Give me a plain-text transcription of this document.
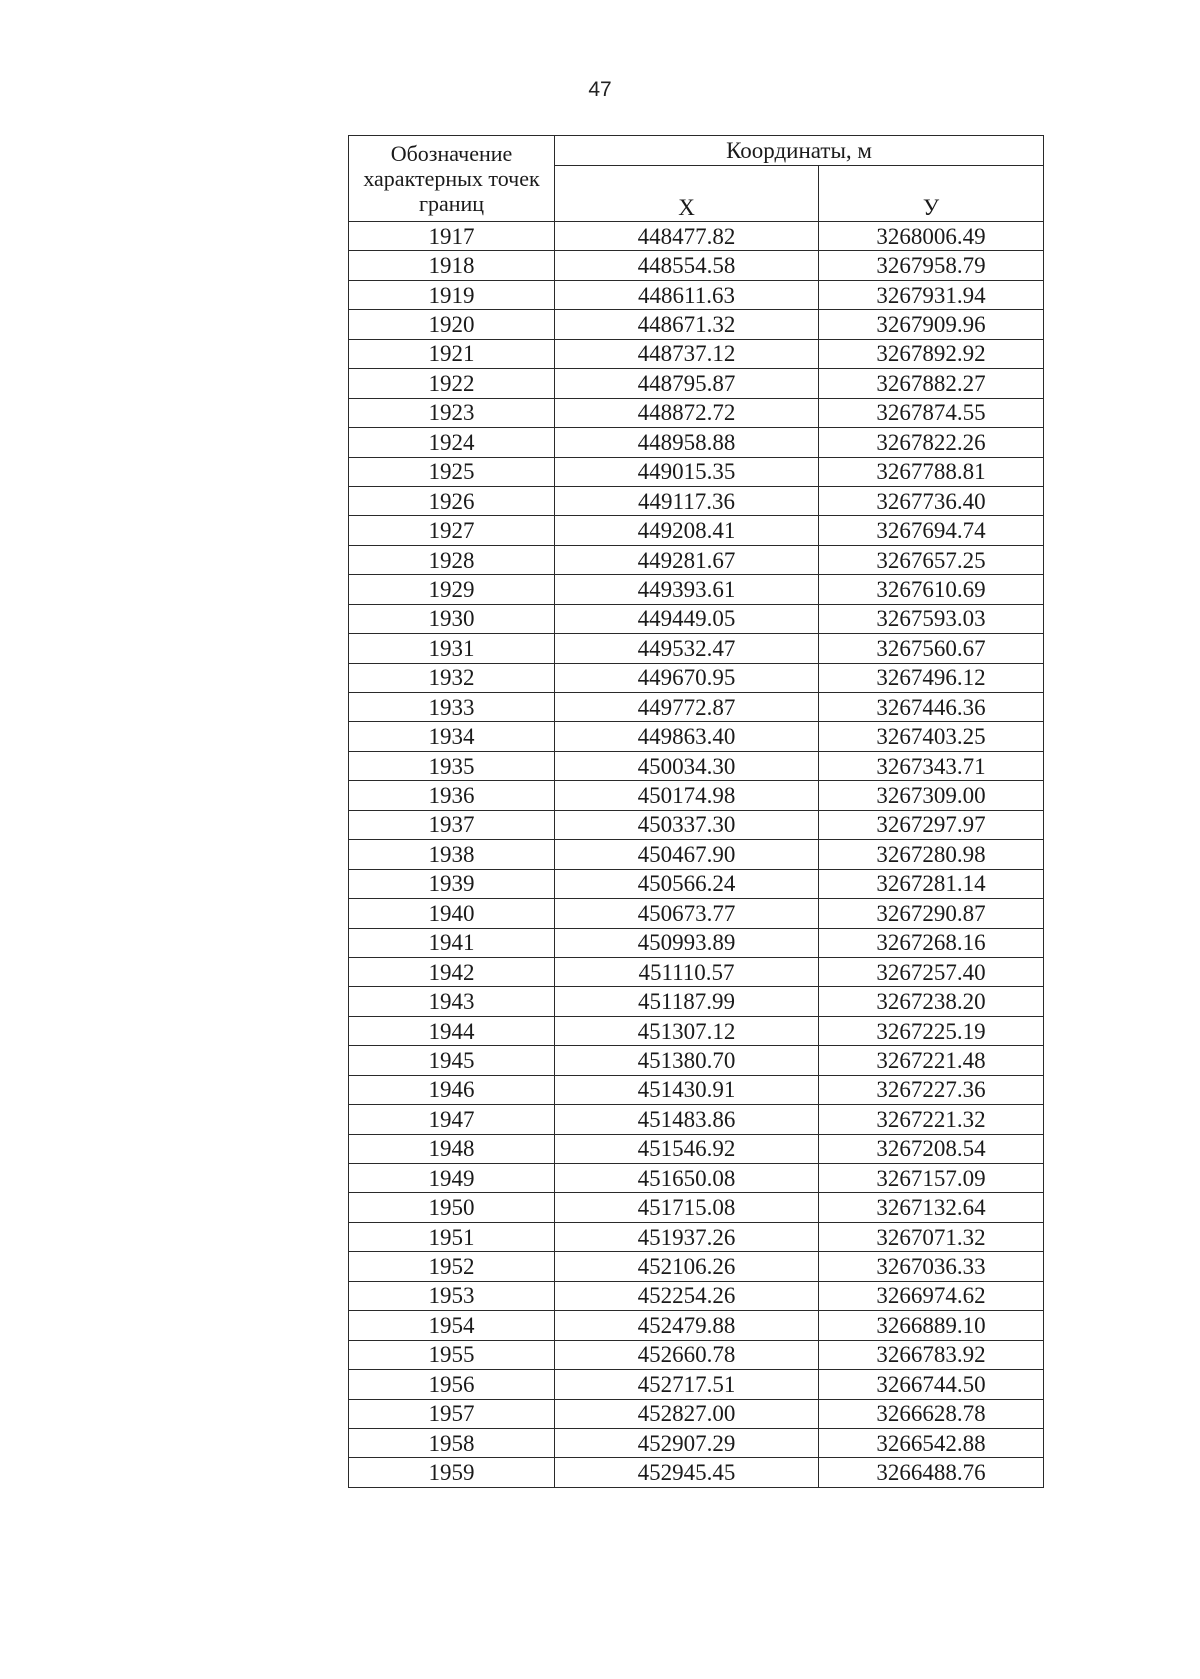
47
Обозначение характерных точек границ	Координаты, м	
	X	У
1917	448477.82	3268006.49
1918	448554.58	3267958.79
1919	448611.63	3267931.94
1920	448671.32	3267909.96
1921	448737.12	3267892.92
1922	448795.87	3267882.27
1923	448872.72	3267874.55
1924	448958.88	3267822.26
1925	449015.35	3267788.81
1926	449117.36	3267736.40
1927	449208.41	3267694.74
1928	449281.67	3267657.25
1929	449393.61	3267610.69
1930	449449.05	3267593.03
1931	449532.47	3267560.67
1932	449670.95	3267496.12
1933	449772.87	3267446.36
1934	449863.40	3267403.25
1935	450034.30	3267343.71
1936	450174.98	3267309.00
1937	450337.30	3267297.97
1938	450467.90	3267280.98
1939	450566.24	3267281.14
1940	450673.77	3267290.87
1941	450993.89	3267268.16
1942	451110.57	3267257.40
1943	451187.99	3267238.20
1944	451307.12	3267225.19
1945	451380.70	3267221.48
1946	451430.91	3267227.36
1947	451483.86	3267221.32
1948	451546.92	3267208.54
1949	451650.08	3267157.09
1950	451715.08	3267132.64
1951	451937.26	3267071.32
1952	452106.26	3267036.33
1953	452254.26	3266974.62
1954	452479.88	3266889.10
1955	452660.78	3266783.92
1956	452717.51	3266744.50
1957	452827.00	3266628.78
1958	452907.29	3266542.88
1959	452945.45	3266488.76
